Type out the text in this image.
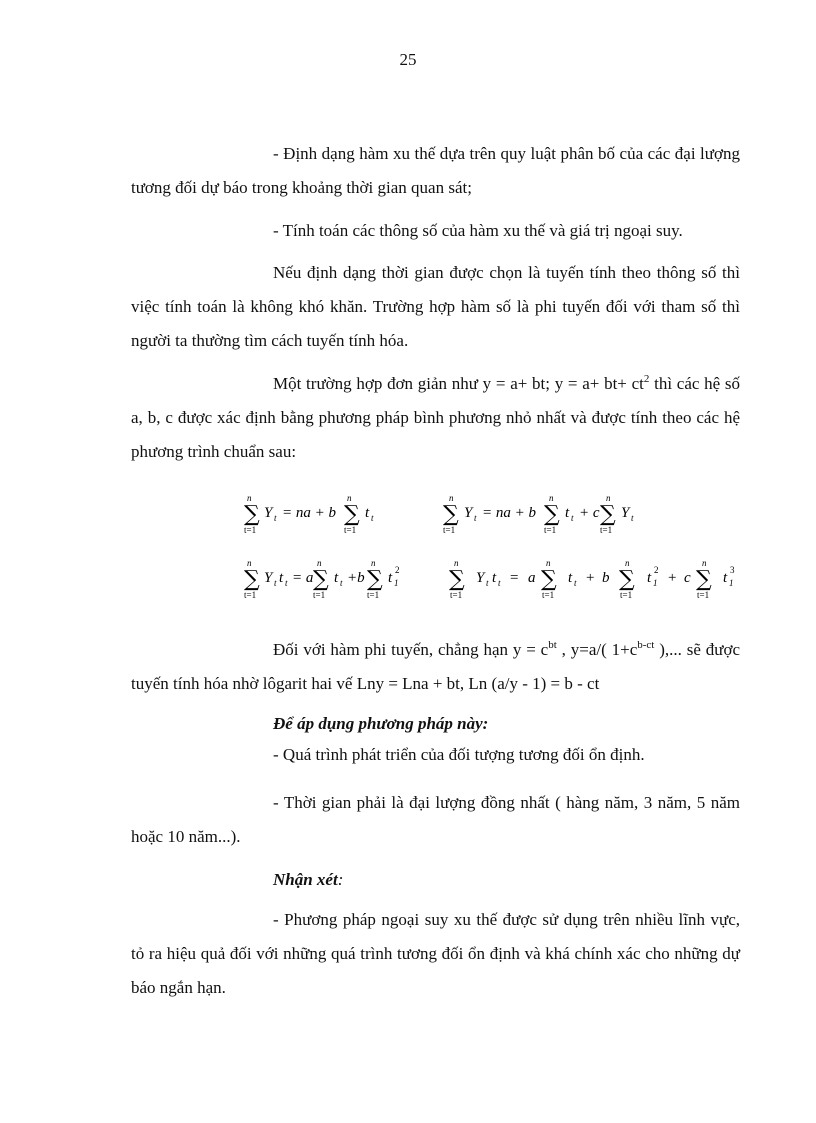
25
- Định dạng hàm xu thế dựa trên quy luật phân bố của các đại lượng tương đối dự báo trong khoảng thời gian quan sát;
- Tính toán các thông số của hàm xu thế và giá trị ngoại suy.
Nếu định dạng thời gian được chọn là tuyến tính theo thông số thì việc tính toán là không khó khăn. Trường hợp hàm số là phi tuyến đối với tham số thì người ta thường tìm cách tuyến tính hóa.
Một trường hợp đơn giản như y = a+ bt; $y = a+ bt+ ct^2$ thì các hệ số a, b, c được xác định bằng phương pháp bình phương nhỏ nhất và được tính theo các hệ phương trình chuẩn sau:
n
∑
t=1
Y t = na + b
n
∑
t=1
t t
n
∑
t=1
Y t = na + b
n
∑
t=1
t t + c
n
∑
t=1
Y t
n
∑
t=1
Y t t t = a
n
∑
t=1
t t +b
n
∑
t=1
t 1
2
n
∑
t=1
Y t t t = a
n
∑
t=1
t t + b
n
∑
t=1
t 1
2 + c
n
∑
t=1
t 1
3
Đối với hàm phi tuyến, chẳng hạn $y = c^{bt}$ , y=a/( $1+c^{b-ct}$ ),... sẽ được tuyến tính hóa nhờ lôgarit hai vế Lny = Lna + bt, Ln (a/y - 1) = b - ct
Để áp dụng phương pháp này:
- Quá trình phát triển của đối tượng tương đối ổn định.
- Thời gian phải là đại lượng đồng nhất ( hàng năm, 3 năm, 5 năm hoặc 10 năm...).
Nhận xét:
- Phương pháp ngoại suy xu thế được sử dụng trên nhiều lĩnh vực, tỏ ra hiệu quả đối với những quá trình tương đối ổn định và khá chính xác cho những dự báo ngắn hạn.
